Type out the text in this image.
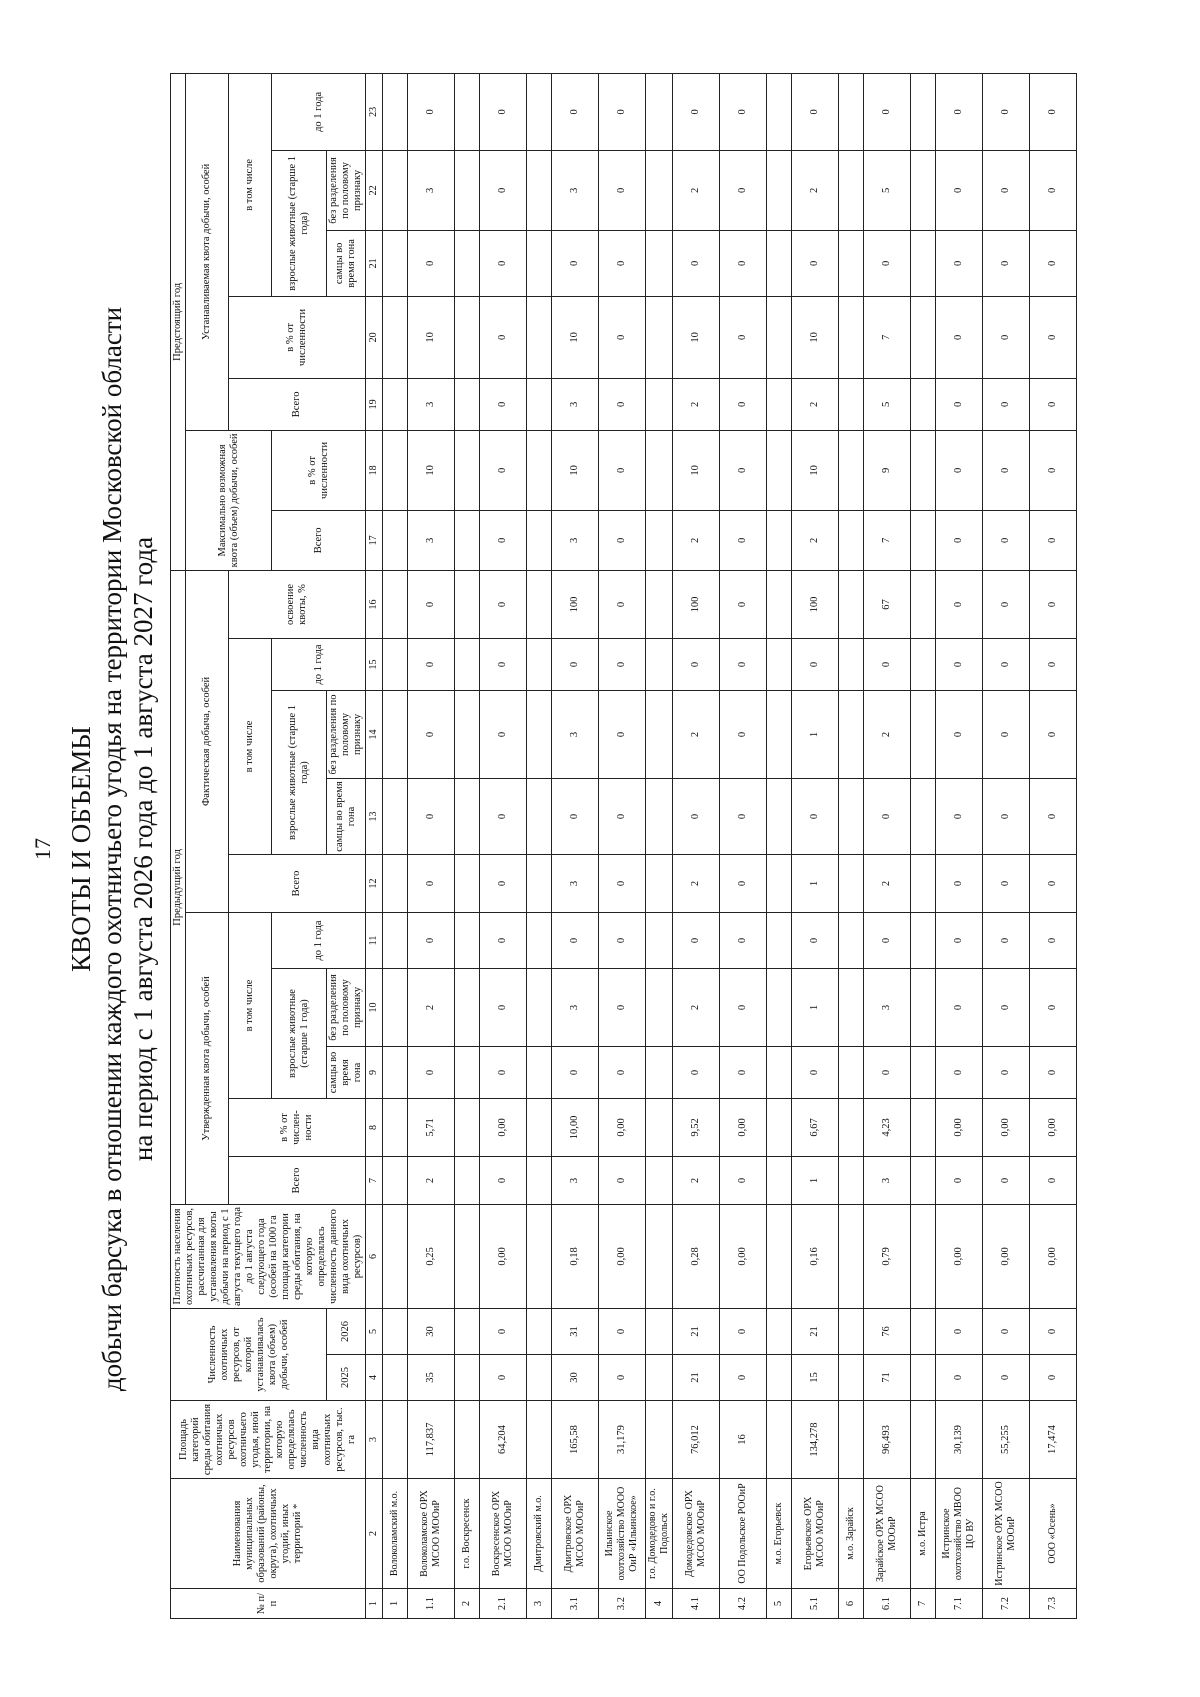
17 КВОТЫ И ОБЪЕМЫ добычи барсука в отношении каждого охотничьего угодья на территории Московской области на период с 1 августа 2026 года до 1 августа 2027 года
№ п/п	Наименования муниципальных образований (районы, округа), охотничьих угодий, иных территорий *	Площадь категорий среды обитания охотничьих ресурсов охотничьего угодья, иной территории, на которую определялась численность вида охотничьих ресурсов, тыс. га	Численность охотничьих ресурсов, от которой устанавливалась квота (объем) добычи, особей		Плотность населения охотничьих ресурсов, рассчитанная для установления квоты добычи на период с 1 августа текущего года до 1 августа следующего года (особей на 1000 га площади категории среды обитания, на которую определялась численность данного вида охотничьих ресурсов)	Предыдущий год										Предстоящий год						
						Утвержденная квота добычи, особей					Фактическая добыча, особей					Максимально возможная квота (объем) добычи, особей		Устанавливаемая квота добычи, особей				
						Всего	в % от числен-ности	в том числе			Всего	в том числе			освоение квоты, %			Всего	в % от численности	в том числе		
								взрослые животные (старше 1 года)		до 1 года		взрослые животные (старше 1 года)		до 1 года		Всего	в % от численности			взрослые животные (старше 1 года)		до 1 года
			2025	2026				самцы во время гона	без разделения по половому признаку			самцы во время гона	без разделения по половому признаку							самцы во время гона	без разделения по половому признаку	
1	2	3	4	5	6	7	8	9	10	11	12	13	14	15	16	17	18	19	20	21	22	23
1	Волоколамский м.о.																					
1.1	Волоколамское ОРХ МСОО МООиР	117,837	35	30	0,25	2	5,71	0	2	0	0	0	0	0	0	3	10	3	10	0	3	0
2	г.о. Воскресенск																					
2.1	Воскресенское ОРХ МСОО МООиР	64,204	0	0	0,00	0	0,00	0	0	0	0	0	0	0	0	0	0	0	0	0	0	0
3	Дмитровский м.о.																					
3.1	Дмитровское ОРХ МСОО МООиР	165,58	30	31	0,18	3	10,00	0	3	0	3	0	3	0	100	3	10	3	10	0	3	0
3.2	Ильинское охотхозяйство МООО ОиР «Ильинское»	31,179	0	0	0,00	0	0,00	0	0	0	0	0	0	0	0	0	0	0	0	0	0	0
4	г.о. Домодедово и г.о. Подольск																					
4.1	Домодедовское ОРХ МСОО МООиР	76,012	21	21	0,28	2	9,52	0	2	0	2	0	2	0	100	2	10	2	10	0	2	0
4.2	ОО Подольское РООиР	16	0	0	0,00	0	0,00	0	0	0	0	0	0	0	0	0	0	0	0	0	0	0
5	м.о. Егорьевск																					
5.1	Егорьевское ОРХ МСОО МООиР	134,278	15	21	0,16	1	6,67	0	1	0	1	0	1	0	100	2	10	2	10	0	2	0
6	м.о. Зарайск																					
6.1	Зарайское ОРХ МСОО МООиР	96,493	71	76	0,79	3	4,23	0	3	0	2	0	2	0	67	7	9	5	7	0	5	0
7	м.о. Истра																					
7.1	Истринское охотхозяйство МВОО ЦО ВУ	30,139	0	0	0,00	0	0,00	0	0	0	0	0	0	0	0	0	0	0	0	0	0	0
7.2	Истринское ОРХ МСОО МООиР	55,255	0	0	0,00	0	0,00	0	0	0	0	0	0	0	0	0	0	0	0	0	0	0
7.3	ООО «Осень»	17,474	0	0	0,00	0	0,00	0	0	0	0	0	0	0	0	0	0	0	0	0	0	0
